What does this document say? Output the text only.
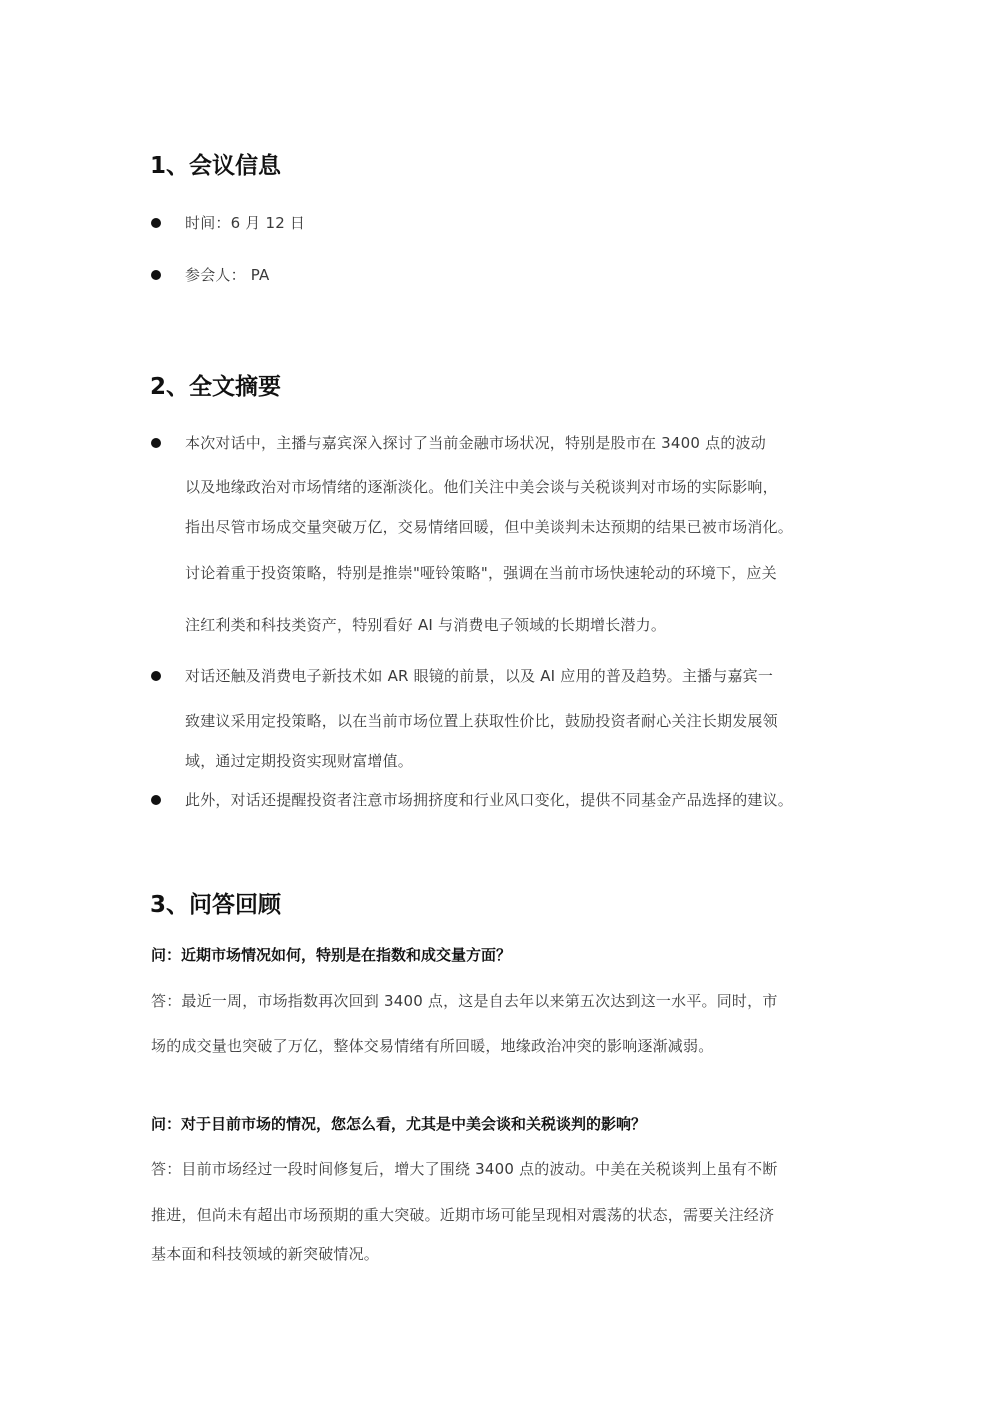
1、会议信息
时间：6 月 12 日
参会人： PA
2、全文摘要
本次对话中，主播与嘉宾深入探讨了当前金融市场状况，特别是股市在 3400 点的波动
以及地缘政治对市场情绪的逐渐淡化。他们关注中美会谈与关税谈判对市场的实际影响，
指出尽管市场成交量突破万亿，交易情绪回暖，但中美谈判未达预期的结果已被市场消化。
讨论着重于投资策略，特别是推崇"哑铃策略"，强调在当前市场快速轮动的环境下，应关
注红利类和科技类资产，特别看好 AI 与消费电子领域的长期增长潜力。
对话还触及消费电子新技术如 AR 眼镜的前景，以及 AI 应用的普及趋势。主播与嘉宾一
致建议采用定投策略，以在当前市场位置上获取性价比，鼓励投资者耐心关注长期发展领
域，通过定期投资实现财富增值。
此外，对话还提醒投资者注意市场拥挤度和行业风口变化，提供不同基金产品选择的建议。
3、问答回顾
问：近期市场情况如何，特别是在指数和成交量方面？
答：最近一周，市场指数再次回到 3400 点，这是自去年以来第五次达到这一水平。同时，市
场的成交量也突破了万亿，整体交易情绪有所回暖，地缘政治冲突的影响逐渐减弱。
问：对于目前市场的情况，您怎么看，尤其是中美会谈和关税谈判的影响？
答：目前市场经过一段时间修复后，增大了围绕 3400 点的波动。中美在关税谈判上虽有不断
推进，但尚未有超出市场预期的重大突破。近期市场可能呈现相对震荡的状态，需要关注经济
基本面和科技领域的新突破情况。
